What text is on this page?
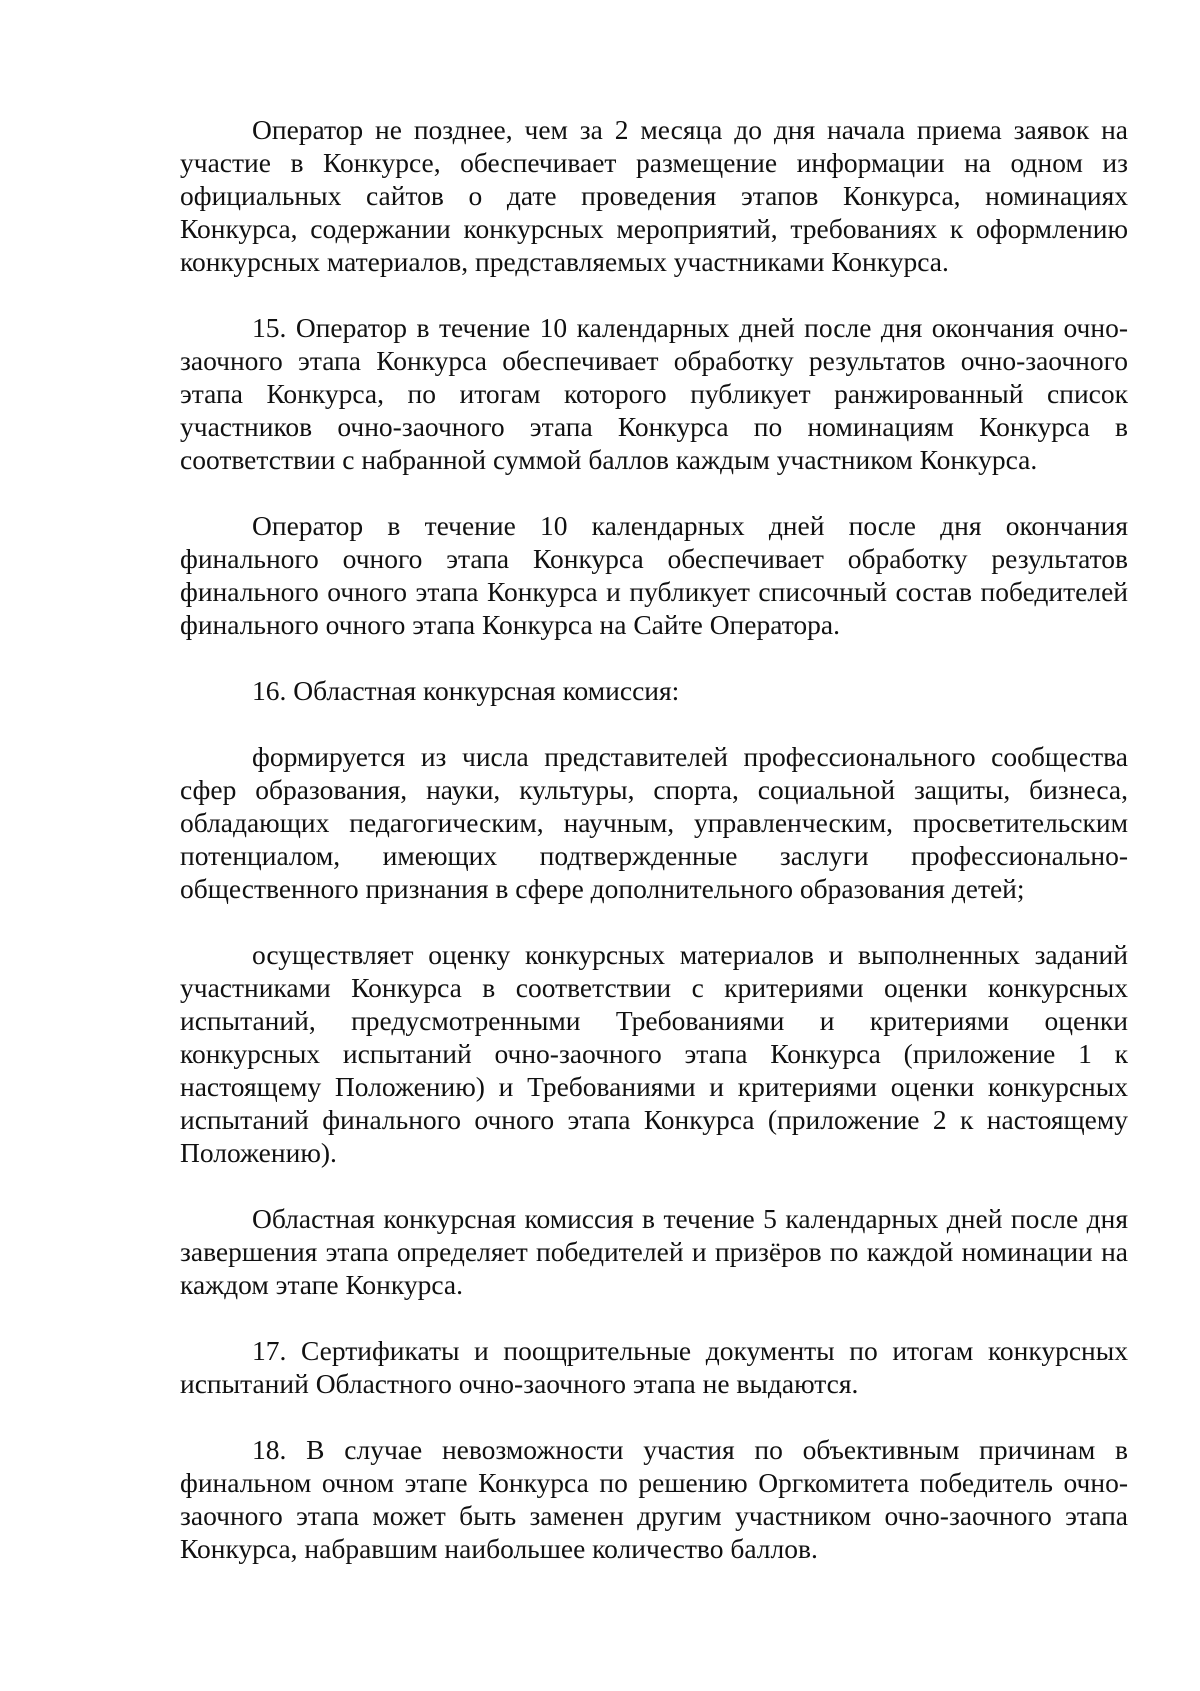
Оператор не позднее, чем за 2 месяца до дня начала приема заявок на участие в Конкурсе, обеспечивает размещение информации на одном из официальных сайтов о дате проведения этапов Конкурса, номинациях Конкурса, содержании конкурсных мероприятий, требованиях к оформлению конкурсных материалов, представляемых участниками Конкурса.

15. Оператор в течение 10 календарных дней после дня окончания очно-заочного этапа Конкурса обеспечивает обработку результатов очно-заочного этапа Конкурса, по итогам которого публикует ранжированный список участников очно-заочного этапа Конкурса по номинациям Конкурса в соответствии с набранной суммой баллов каждым участником Конкурса.

Оператор в течение 10 календарных дней после дня окончания финального очного этапа Конкурса обеспечивает обработку результатов финального очного этапа Конкурса и публикует списочный состав победителей финального очного этапа Конкурса на Сайте Оператора.

16. Областная конкурсная комиссия:

формируется из числа представителей профессионального сообщества сфер образования, науки, культуры, спорта, социальной защиты, бизнеса, обладающих педагогическим, научным, управленческим, просветительским потенциалом, имеющих подтвержденные заслуги профессионально-общественного признания в сфере дополнительного образования детей;

осуществляет оценку конкурсных материалов и выполненных заданий участниками Конкурса в соответствии с критериями оценки конкурсных испытаний, предусмотренными Требованиями и критериями оценки конкурсных испытаний очно-заочного этапа Конкурса (приложение 1 к настоящему Положению) и Требованиями и критериями оценки конкурсных испытаний финального очного этапа Конкурса (приложение 2 к настоящему Положению).

Областная конкурсная комиссия в течение 5 календарных дней после дня завершения этапа определяет победителей и призёров по каждой номинации на каждом этапе Конкурса.

17. Сертификаты и поощрительные документы по итогам конкурсных испытаний Областного очно-заочного этапа не выдаются.

18. В случае невозможности участия по объективным причинам в финальном очном этапе Конкурса по решению Оргкомитета победитель очно-заочного этапа может быть заменен другим участником очно-заочного этапа Конкурса, набравшим наибольшее количество баллов.
